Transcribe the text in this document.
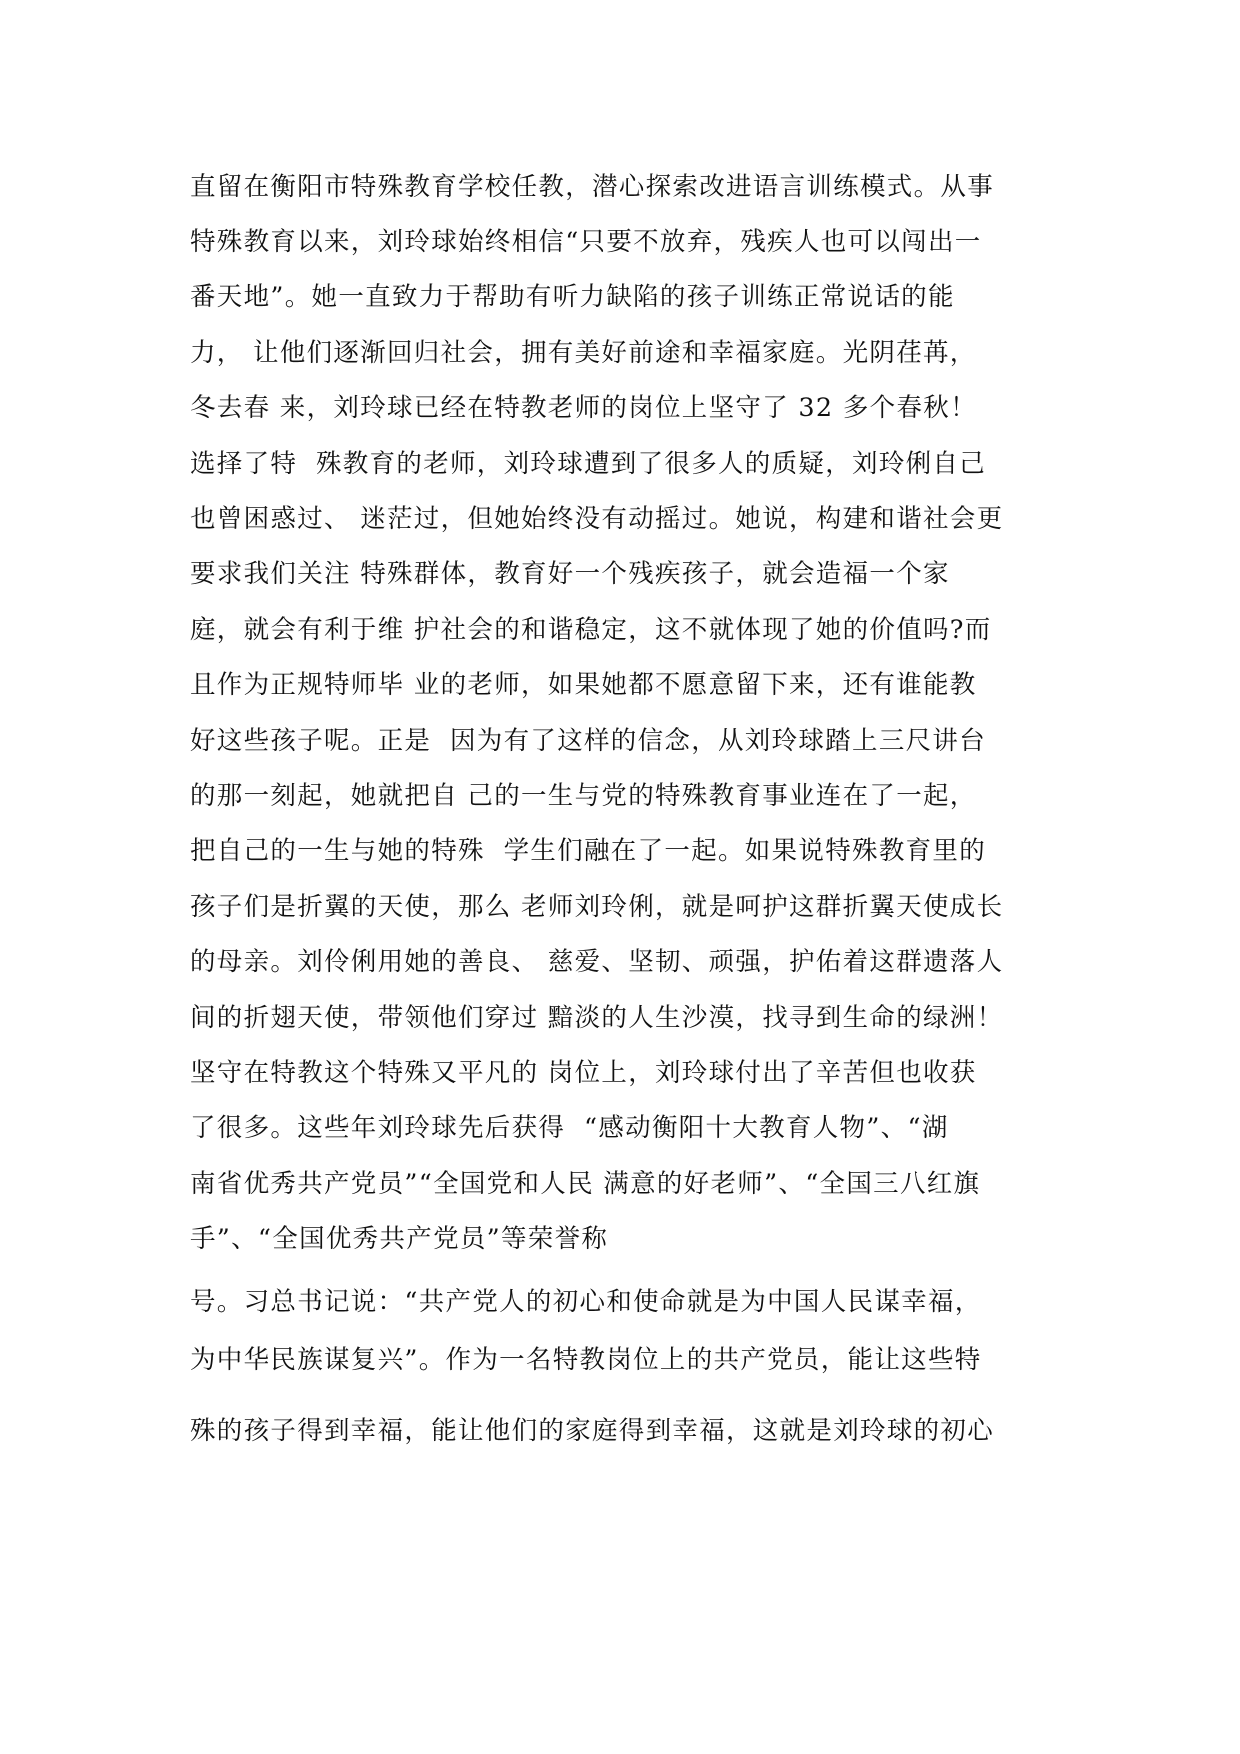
直留在衡阳市特殊教育学校任教，潜心探索改进语言训练模式。从事
特殊教育以来，刘玲球始终相信“只要不放弃，残疾人也可以闯出一
番天地”。她一直致力于帮助有听力缺陷的孩子训练正常说话的能
力， 让他们逐渐回归社会，拥有美好前途和幸福家庭。光阴荏苒，
冬去春 来，刘玲球已经在特教老师的岗位上坚守了 32 多个春秋！
选择了特  殊教育的老师，刘玲球遭到了很多人的质疑，刘玲俐自己
也曾困惑过、 迷茫过，但她始终没有动摇过。她说，构建和谐社会更
要求我们关注 特殊群体，教育好一个残疾孩子，就会造福一个家
庭，就会有利于维 护社会的和谐稳定，这不就体现了她的价值吗?而
且作为正规特师毕 业的老师，如果她都不愿意留下来，还有谁能教
好这些孩子呢。正是  因为有了这样的信念，从刘玲球踏上三尺讲台
的那一刻起，她就把自 己的一生与党的特殊教育事业连在了一起，
把自己的一生与她的特殊  学生们融在了一起。如果说特殊教育里的
孩子们是折翼的天使，那么 老师刘玲俐，就是呵护这群折翼天使成长
的母亲。刘伶俐用她的善良、 慈爱、坚韧、顽强，护佑着这群遗落人
间的折翅天使，带领他们穿过 黯淡的人生沙漠，找寻到生命的绿洲！
坚守在特教这个特殊又平凡的 岗位上，刘玲球付出了辛苦但也收获
了很多。这些年刘玲球先后获得  “感动衡阳十大教育人物”、“湖
南省优秀共产党员”“全国党和人民 满意的好老师”、“全国三八红旗
手”、“全国优秀共产党员”等荣誉称
号。习总书记说：“共产党人的初心和使命就是为中国人民谋幸福，
为中华民族谋复兴”。作为一名特教岗位上的共产党员，能让这些特
殊的孩子得到幸福，能让他们的家庭得到幸福，这就是刘玲球的初心
